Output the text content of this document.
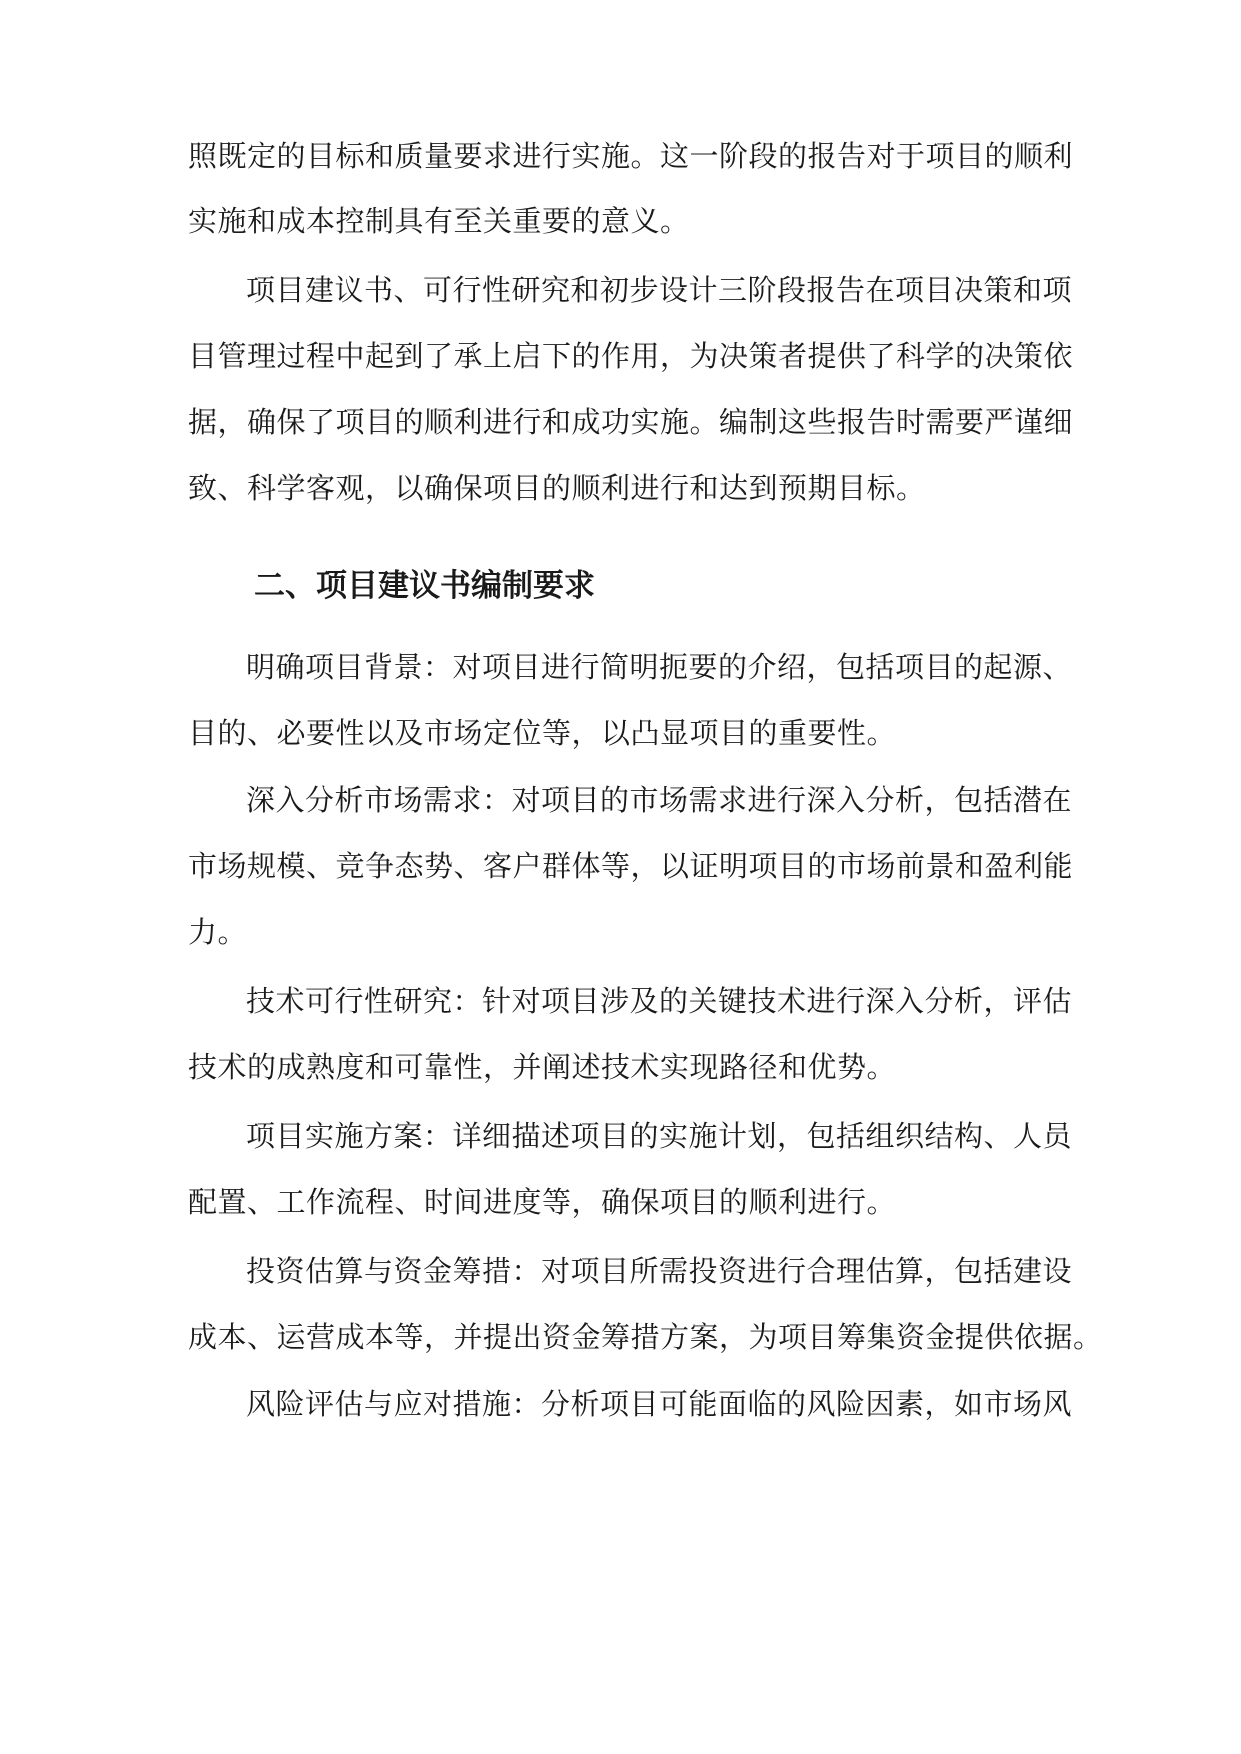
照既定的目标和质量要求进行实施。这一阶段的报告对于项目的顺利
实施和成本控制具有至关重要的意义。
项目建议书、可行性研究和初步设计三阶段报告在项目决策和项
目管理过程中起到了承上启下的作用，为决策者提供了科学的决策依
据，确保了项目的顺利进行和成功实施。编制这些报告时需要严谨细
致、科学客观，以确保项目的顺利进行和达到预期目标。
二、项目建议书编制要求
明确项目背景：对项目进行简明扼要的介绍，包括项目的起源、
目的、必要性以及市场定位等，以凸显项目的重要性。
深入分析市场需求：对项目的市场需求进行深入分析，包括潜在
市场规模、竞争态势、客户群体等，以证明项目的市场前景和盈利能
力。
技术可行性研究：针对项目涉及的关键技术进行深入分析，评估
技术的成熟度和可靠性，并阐述技术实现路径和优势。
项目实施方案：详细描述项目的实施计划，包括组织结构、人员
配置、工作流程、时间进度等，确保项目的顺利进行。
投资估算与资金筹措：对项目所需投资进行合理估算，包括建设
成本、运营成本等，并提出资金筹措方案，为项目筹集资金提供依据。
风险评估与应对措施：分析项目可能面临的风险因素，如市场风
